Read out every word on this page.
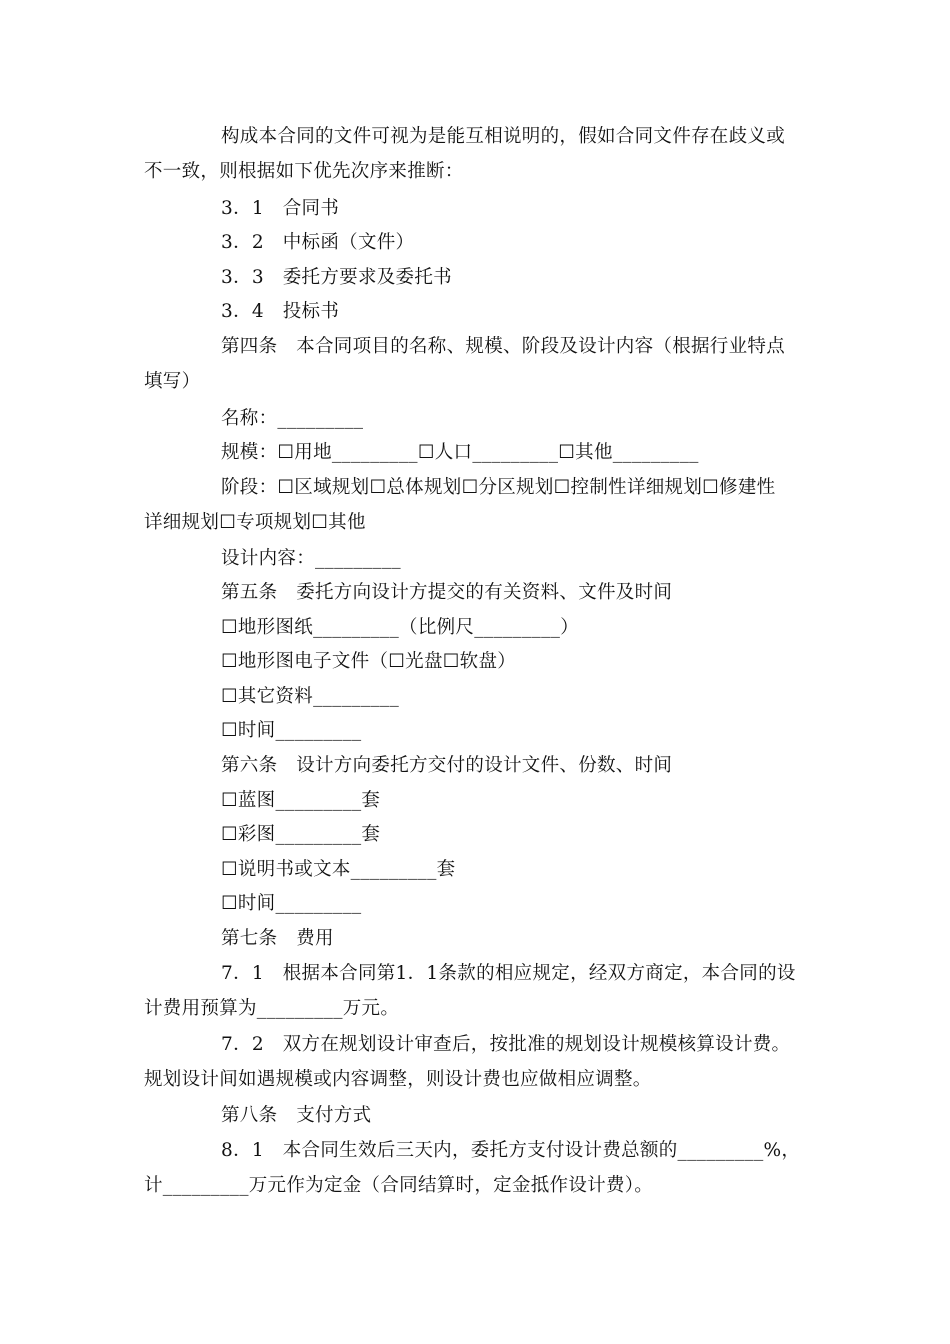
构成本合同的文件可视为是能互相说明的，假如合同文件存在歧义或
不一致，则根据如下优先次序来推断：
3．1　合同书
3．2　中标函（文件）
3．3　委托方要求及委托书
3．4　投标书
第四条　本合同项目的名称、规模、阶段及设计内容（根据行业特点
填写）
名称：_________
规模：☐用地_________☐人口_________☐其他_________
阶段：☐区域规划☐总体规划☐分区规划☐控制性详细规划☐修建性
详细规划☐专项规划☐其他
设计内容：_________
第五条　委托方向设计方提交的有关资料、文件及时间
☐地形图纸_________（比例尺_________）
☐地形图电子文件（☐光盘☐软盘）
☐其它资料_________
☐时间_________
第六条　设计方向委托方交付的设计文件、份数、时间
☐蓝图_________套
☐彩图_________套
☐说明书或文本_________套
☐时间_________
第七条　费用
7．1　根据本合同第1．1条款的相应规定，经双方商定，本合同的设
计费用预算为_________万元。
7．2　双方在规划设计审查后，按批准的规划设计规模核算设计费。
规划设计间如遇规模或内容调整，则设计费也应做相应调整。
第八条　支付方式
8．1　本合同生效后三天内，委托方支付设计费总额的_________%，
计_________万元作为定金（合同结算时，定金抵作设计费）。
